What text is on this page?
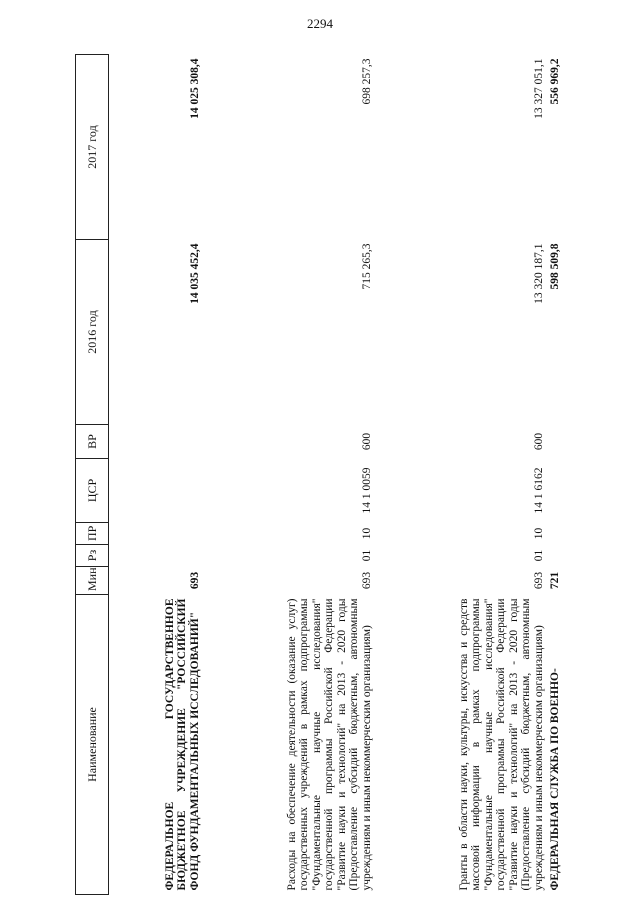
2294
Наименование	Мин	Рз	ПР	ЦСР	ВР	2016 год	2017 год
ФЕДЕРАЛЬНОЕ ГОСУДАРСТВЕННОЕ БЮДЖЕТНОЕ УЧРЕЖДЕНИЕ "РОССИЙСКИЙ ФОНД ФУНДАМЕНТАЛЬНЫХ ИССЛЕДОВАНИЙ"	693					14 035 452,4	14 025 308,4
Расходы на обеспечение деятельности (оказание услуг) государственных учреждений в рамках подпрограммы "Фундаментальные научные исследования" государственной программы Российской Федерации "Развитие науки и технологий" на 2013 - 2020 годы (Предоставление субсидий бюджетным, автономным учреждениям и иным некоммерческим организациям)	693	01	10	14 1 0059	600	715 265,3	698 257,3
Гранты в области науки, культуры, искусства и средств массовой информации в рамках подпрограммы "Фундаментальные научные исследования" государственной программы Российской Федерации "Развитие науки и технологий" на 2013 - 2020 годы (Предоставление субсидий бюджетным, автономным учреждениям и иным некоммерческим организациям)	693	01	10	14 1 6162	600	13 320 187,1	13 327 051,1
ФЕДЕРАЛЬНАЯ СЛУЖБА ПО ВОЕННО-	721					598 509,8	556 969,2
